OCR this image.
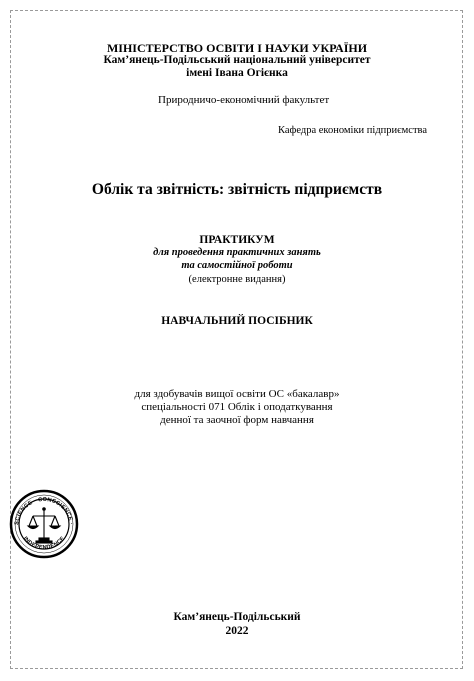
МІНІСТЕРСТВО ОСВІТИ І НАУКИ УКРАЇНИ
Кам’янець-Подільський національний університет
імені Івана Огієнка
Природничо-економічний факультет
Кафедра економіки підприємства
Облік та звітність: звітність підприємств
ПРАКТИКУМ
для проведення практичних занять
та самостійної роботи
(електронне видання)
НАВЧАЛЬНИЙ ПОСІБНИК
для здобувачів вищої освіти ОС «бакалавр»
спеціальності 071 Облік і оподаткування
денної та заочної форм навчання
SCIENCE · CONSCIENCE ·
INDEPENDENCE
Кам’янець-Подільський
2022
